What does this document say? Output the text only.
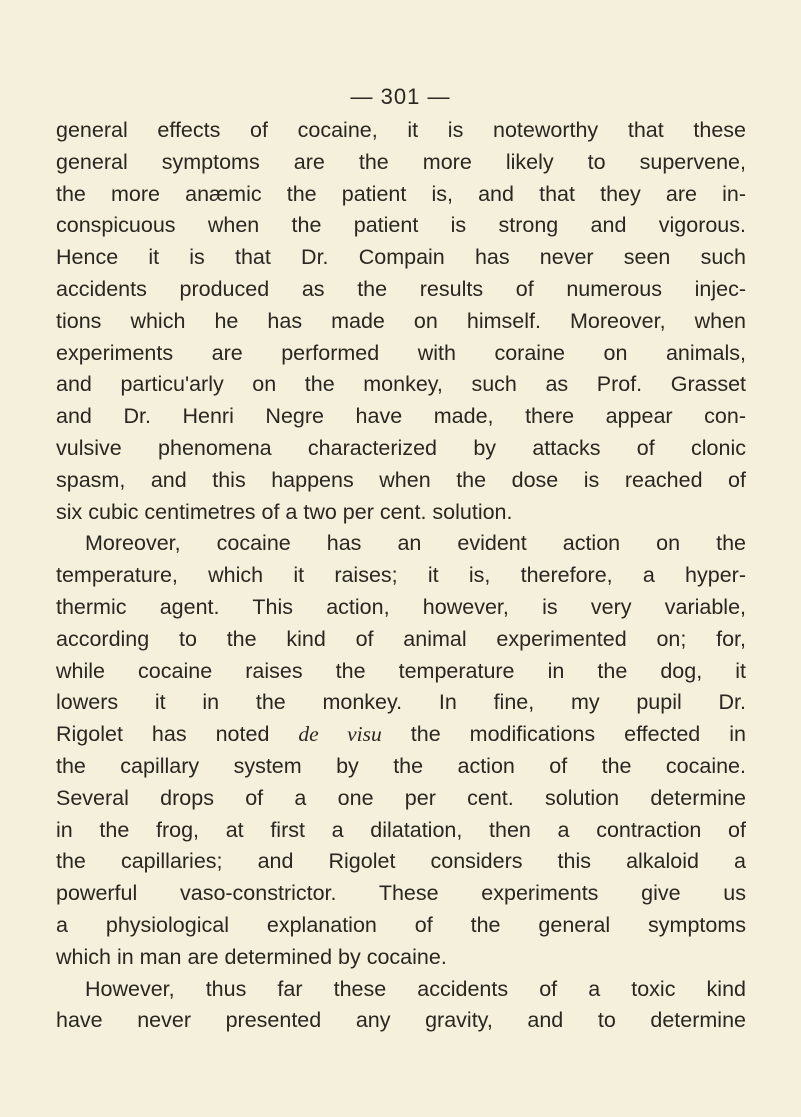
— 301 —
general effects of cocaine, it is noteworthy that these
general symptoms are the more likely to supervene,
the more anæmic the patient is, and that they are in-
conspicuous when the patient is strong and vigorous.
Hence it is that Dr. Compain has never seen such
accidents produced as the results of numerous injec-
tions which he has made on himself. Moreover, when
experiments are performed with coraine on animals,
and particu'arly on the monkey, such as Prof. Grasset
and Dr. Henri Negre have made, there appear con-
vulsive phenomena characterized by attacks of clonic
spasm, and this happens when the dose is reached of
six cubic centimetres of a two per cent. solution.
Moreover, cocaine has an evident action on the
temperature, which it raises; it is, therefore, a hyper-
thermic agent. This action, however, is very variable,
according to the kind of animal experimented on; for,
while cocaine raises the temperature in the dog, it
lowers it in the monkey. In fine, my pupil Dr.
Rigolet has noted de visu the modifications effected in
the capillary system by the action of the cocaine.
Several drops of a one per cent. solution determine
in the frog, at first a dilatation, then a contraction of
the capillaries; and Rigolet considers this alkaloid a
powerful vaso-constrictor. These experiments give us
a physiological explanation of the general symptoms
which in man are determined by cocaine.
However, thus far these accidents of a toxic kind
have never presented any gravity, and to determine
